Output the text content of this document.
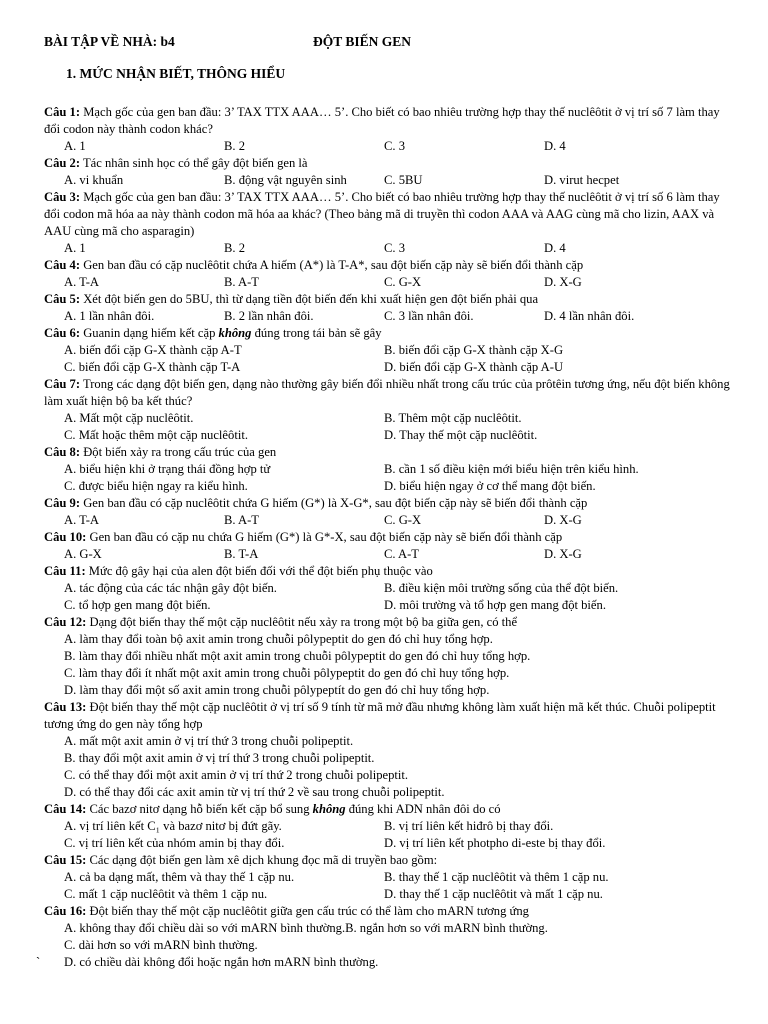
BÀI TẬP VỀ NHÀ: b4	ĐỘT BIẾN GEN
1. MỨC NHẬN BIẾT, THÔNG HIỂU

Câu 1: Mạch gốc của gen ban đầu: 3’ TAX TTX AAA… 5’. Cho biết có bao nhiêu trường hợp thay thế nuclêôtit ở vị trí số 7 làm thay đổi codon này thành codon khác?

A. 1	B. 2	C. 3	D. 4

Câu 2: Tác nhân sinh học có thể gây đột biến gen là

A. vi khuẩn	B. động vật nguyên sinh	C. 5BU	D. virut hecpet

Câu 3: Mạch gốc của gen ban đầu: 3’ TAX TTX AAA… 5’. Cho biết có bao nhiêu trường hợp thay thế nuclêôtit ở vị trí số 6 làm thay đổi codon mã hóa aa này thành codon mã hóa aa khác? (Theo bảng mã di truyền thì codon AAA và AAG cùng mã cho lizin, AAX và AAU cùng mã cho asparagin)

A. 1	B. 2	C. 3	D. 4

Câu 4: Gen ban đầu có cặp nuclêôtit chứa A hiếm (A*) là T-A*, sau đột biến cặp này sẽ biến đổi thành cặp

A. T-A	B. A-T	C. G-X	D. X-G

Câu 5: Xét đột biến gen do 5BU, thì từ dạng tiền đột biến đến khi xuất hiện gen đột biến phải qua

A. 1 lần nhân đôi.	B. 2 lần nhân đôi.	C. 3 lần nhân đôi.	D. 4 lần nhân đôi.

Câu 6: Guanin dạng hiếm kết cặp không đúng trong tái bản sẽ gây

A. biến đổi cặp G-X thành cặp A-T	B. biến đổi cặp G-X thành cặp X-G
C. biến đổi cặp G-X thành cặp T-A	D. biến đổi cặp G-X thành cặp A-U

Câu 7: Trong các dạng đột biến gen, dạng nào thường gây biến đổi nhiều nhất trong cấu trúc của prôtêin tương ứng, nếu đột biến không làm xuất hiện bộ ba kết thúc?

A. Mất một cặp nuclêôtit.	B. Thêm một cặp nuclêôtit.
C. Mất hoặc thêm một cặp nuclêôtit.	D. Thay thế một cặp nuclêôtit.

Câu 8: Đột biến xảy ra trong cấu trúc của gen

A. biểu hiện khi ở trạng thái đồng hợp tử	B. cần 1 số điều kiện mới biểu hiện trên kiểu hình.
C. được biểu hiện ngay ra kiểu hình.	D. biểu hiện ngay ở cơ thể mang đột biến.

Câu 9: Gen ban đầu có cặp nuclêôtit chứa G hiếm (G*) là X-G*, sau đột biến cặp này sẽ biến đổi thành cặp

A. T-A	B. A-T	C. G-X	D. X-G

Câu 10: Gen ban đầu có cặp nu chứa G hiếm (G*) là G*-X, sau đột biến cặp này sẽ biến đổi thành cặp

A. G-X	B. T-A	C. A-T	D. X-G

Câu 11: Mức độ gây hại của alen đột biến đối với thể đột biến phụ thuộc vào

A. tác động của các tác nhận gây đột biến.	B. điều kiện môi trường sống của thể đột biến.
C. tổ hợp gen mang đột biến.	D. môi trường và tổ hợp gen mang đột biến.

Câu 12: Dạng đột biến thay thế một cặp nuclêôtit nếu xảy ra trong một bộ ba giữa gen, có thể

A. làm thay đổi toàn bộ axit amin trong chuỗi pôlypeptit do gen đó chỉ huy tổng hợp.
B. làm thay đổi nhiều nhất một axit amin trong chuỗi pôlypeptit do gen đó chỉ huy tổng hợp.
C. làm thay đổi ít nhất một axit amin trong chuỗi pôlypeptit do gen đó chỉ huy tổng hợp.
D. làm thay đổi một số axit amin trong chuỗi pôlypeptít do gen đó chỉ huy tổng hợp.

Câu 13: Đột biến thay thế một cặp nuclêôtit ở vị trí số 9 tính từ mã mở đầu nhưng không làm xuất hiện mã kết thúc. Chuỗi polipeptit tương ứng do gen này tổng hợp

A. mất một axit amin ở vị trí thứ 3 trong chuỗi polipeptit.
B. thay đổi một axit amin ở vị trí thứ 3 trong chuỗi polipeptit.
C. có thể thay đổi một axit amin ở vị trí thứ 2 trong chuỗi polipeptit.
D. có thể thay đổi các axit amin từ vị trí thứ 2 về sau trong chuỗi polipeptit.

Câu 14: Các bazơ nitơ dạng hỗ biến kết cặp bổ sung không đúng khi ADN nhân đôi do có

A. vị trí liên kết C₁ và bazơ nitơ bị đứt gãy.	B. vị trí liên kết hiđrô bị thay đổi.
C. vị trí liên kết của nhóm amin bị thay đổi.	D. vị trí liên kết photpho di-este bị thay đổi.

Câu 15: Các dạng đột biến gen làm xê dịch khung đọc mã di truyền bao gồm:

A. cả ba dạng mất, thêm và thay thế 1 cặp nu.	B. thay thế 1 cặp nuclêôtit và thêm 1 cặp nu.
C. mất 1 cặp nuclêôtit và thêm 1 cặp nu.	D. thay thế 1 cặp nuclêôtit và mất 1 cặp nu.

Câu 16: Đột biến thay thế một cặp nuclêôtit giữa gen cấu trúc có thể làm cho mARN tương ứng

A. không thay đổi chiều dài so với mARN bình thường.B. ngắn hơn so với mARN bình thường.
C. dài hơn so với mARN bình thường.
` D. có chiều dài không đổi hoặc ngắn hơn mARN bình thường.
